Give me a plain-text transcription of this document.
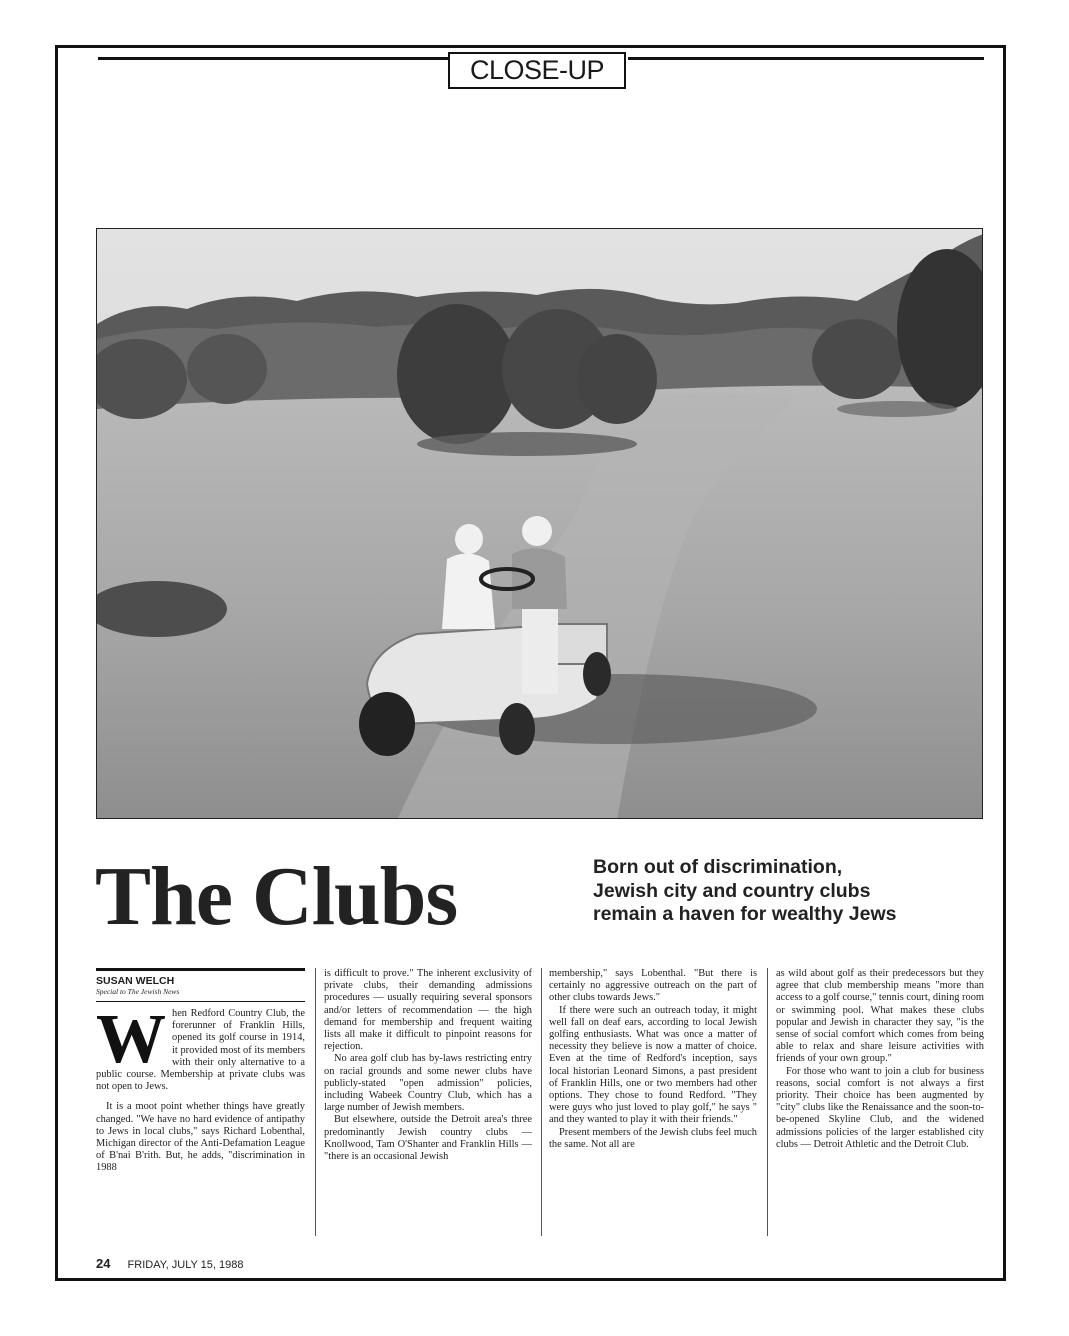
CLOSE-UP
The Clubs	Born out of discrimination,
Jewish city and country clubs
remain a haven for wealthy Jews
SUSAN WELCH
Special to The Jewish News
W hen Redford Country Club, the forerunner of Franklin Hills, opened its golf course in 1914, it provided most of its members with their only alternative to a public course. Membership at private clubs was not open to Jews.

It is a moot point whether things have greatly changed. "We have no hard evidence of antipathy to Jews in local clubs," says Richard Lobenthal, Michigan director of the Anti-Defamation League of B'nai B'rith. But, he adds, "discrimination in 1988

is difficult to prove." The inherent exclusivity of private clubs, their demanding admissions procedures — usually requiring several sponsors and/or letters of recommendation — the high demand for membership and frequent waiting lists all make it difficult to pinpoint reasons for rejection.

No area golf club has by-laws restricting entry on racial grounds and some newer clubs have publicly-stated "open admission" policies, including Wabeek Country Club, which has a large number of Jewish members.

But elsewhere, outside the Detroit area's three predominantly Jewish country clubs — Knollwood, Tam O'Shanter and Franklin Hills — "there is an occasional Jewish

membership," says Lobenthal. "But there is certainly no aggressive outreach on the part of other clubs towards Jews."

If there were such an outreach today, it might well fall on deaf ears, according to local Jewish golfing enthusiasts. What was once a matter of necessity they believe is now a matter of choice. Even at the time of Redford's inception, says local historian Leonard Simons, a past president of Franklin Hills, one or two members had other options. They chose to found Redford. "They were guys who just loved to play golf," he says " and they wanted to play it with their friends."

Present members of the Jewish clubs feel much the same. Not all are

as wild about golf as their predecessors but they agree that club membership means "more than access to a golf course," tennis court, dining room or swimming pool. What makes these clubs popular and Jewish in character they say, "is the sense of social comfort which comes from being able to relax and share leisure activities with friends of your own group."

For those who want to join a club for business reasons, social comfort is not always a first priority. Their choice has been augmented by "city" clubs like the Renaissance and the soon-to-be-opened Skyline Club, and the widened admissions policies of the larger established city clubs — Detroit Athletic and the Detroit Club.

24 FRIDAY, JULY 15, 1988
